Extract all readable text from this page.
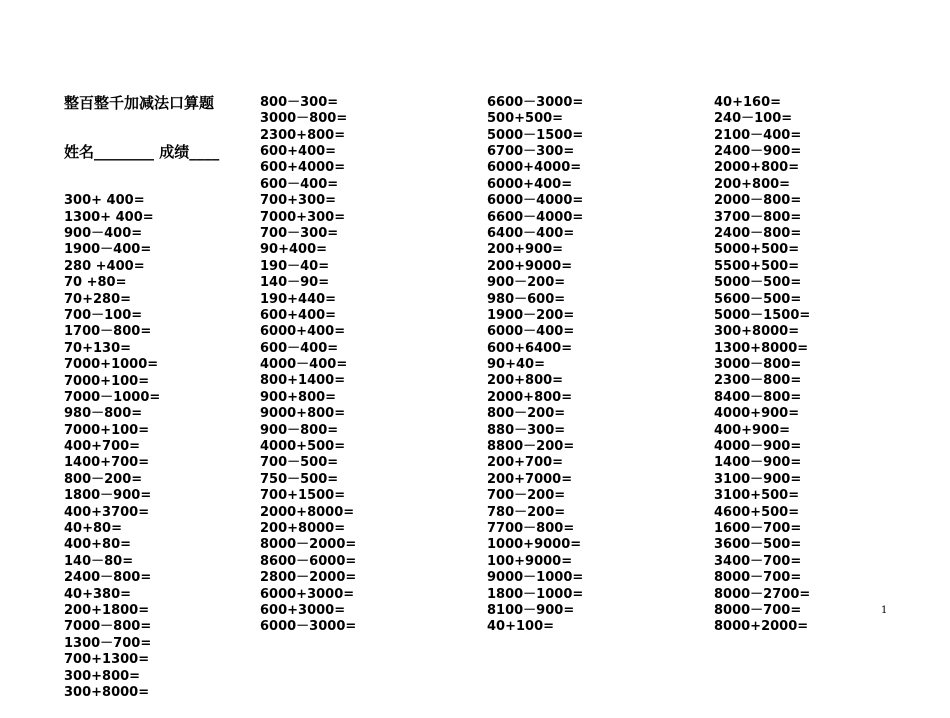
整百整千加减法口算题

姓名________ 成绩____

300+ 400=
1300+ 400=
900－400=
1900－400=
280 +400=
70 +80=
70+280=
700－100=
1700－800=
70+130=
7000+1000=
7000+100=
7000－1000=
980－800=
7000+100=
400+700=
1400+700=
800－200=
1800－900=
400+3700=
40+80=
400+80=
140－80=
2400－800=
40+380=
200+1800=
7000－800=
1300－700=
700+1300=
300+800=
300+8000=

800－300=
3000－800=
2300+800=
600+400=
600+4000=
600－400=
700+300=
7000+300=
700－300=
90+400=
190－40=
140－90=
190+440=
600+400=
6000+400=
600－400=
4000－400=
800+1400=
900+800=
9000+800=
900－800=
4000+500=
700－500=
750－500=
700+1500=
2000+8000=
200+8000=
8000－2000=
8600－6000=
2800－2000=
6000+3000=
600+3000=
6000－3000=

6600－3000=
500+500=
5000－1500=
6700－300=
6000+4000=
6000+400=
6000－4000=
6600－4000=
6400－400=
200+900=
200+9000=
900－200=
980－600=
1900－200=
6000－400=
600+6400=
90+40=
200+800=
2000+800=
800－200=
880－300=
8800－200=
200+700=
200+7000=
700－200=
780－200=
7700－800=
1000+9000=
100+9000=
9000－1000=
1800－1000=
8100－900=
40+100=

40+160=
240－100=
2100－400=
2400－900=
2000+800=
200+800=
2000－800=
3700－800=
2400－800=
5000+500=
5500+500=
5000－500=
5600－500=
5000－1500=
300+8000=
1300+8000=
3000－800=
2300－800=
8400－800=
4000+900=
400+900=
4000－900=
1400－900=
3100－900=
3100+500=
4600+500=
1600－700=
3600－500=
3400－700=
8000－700=
8000－2700=
8000－700=
8000+2000=

1
